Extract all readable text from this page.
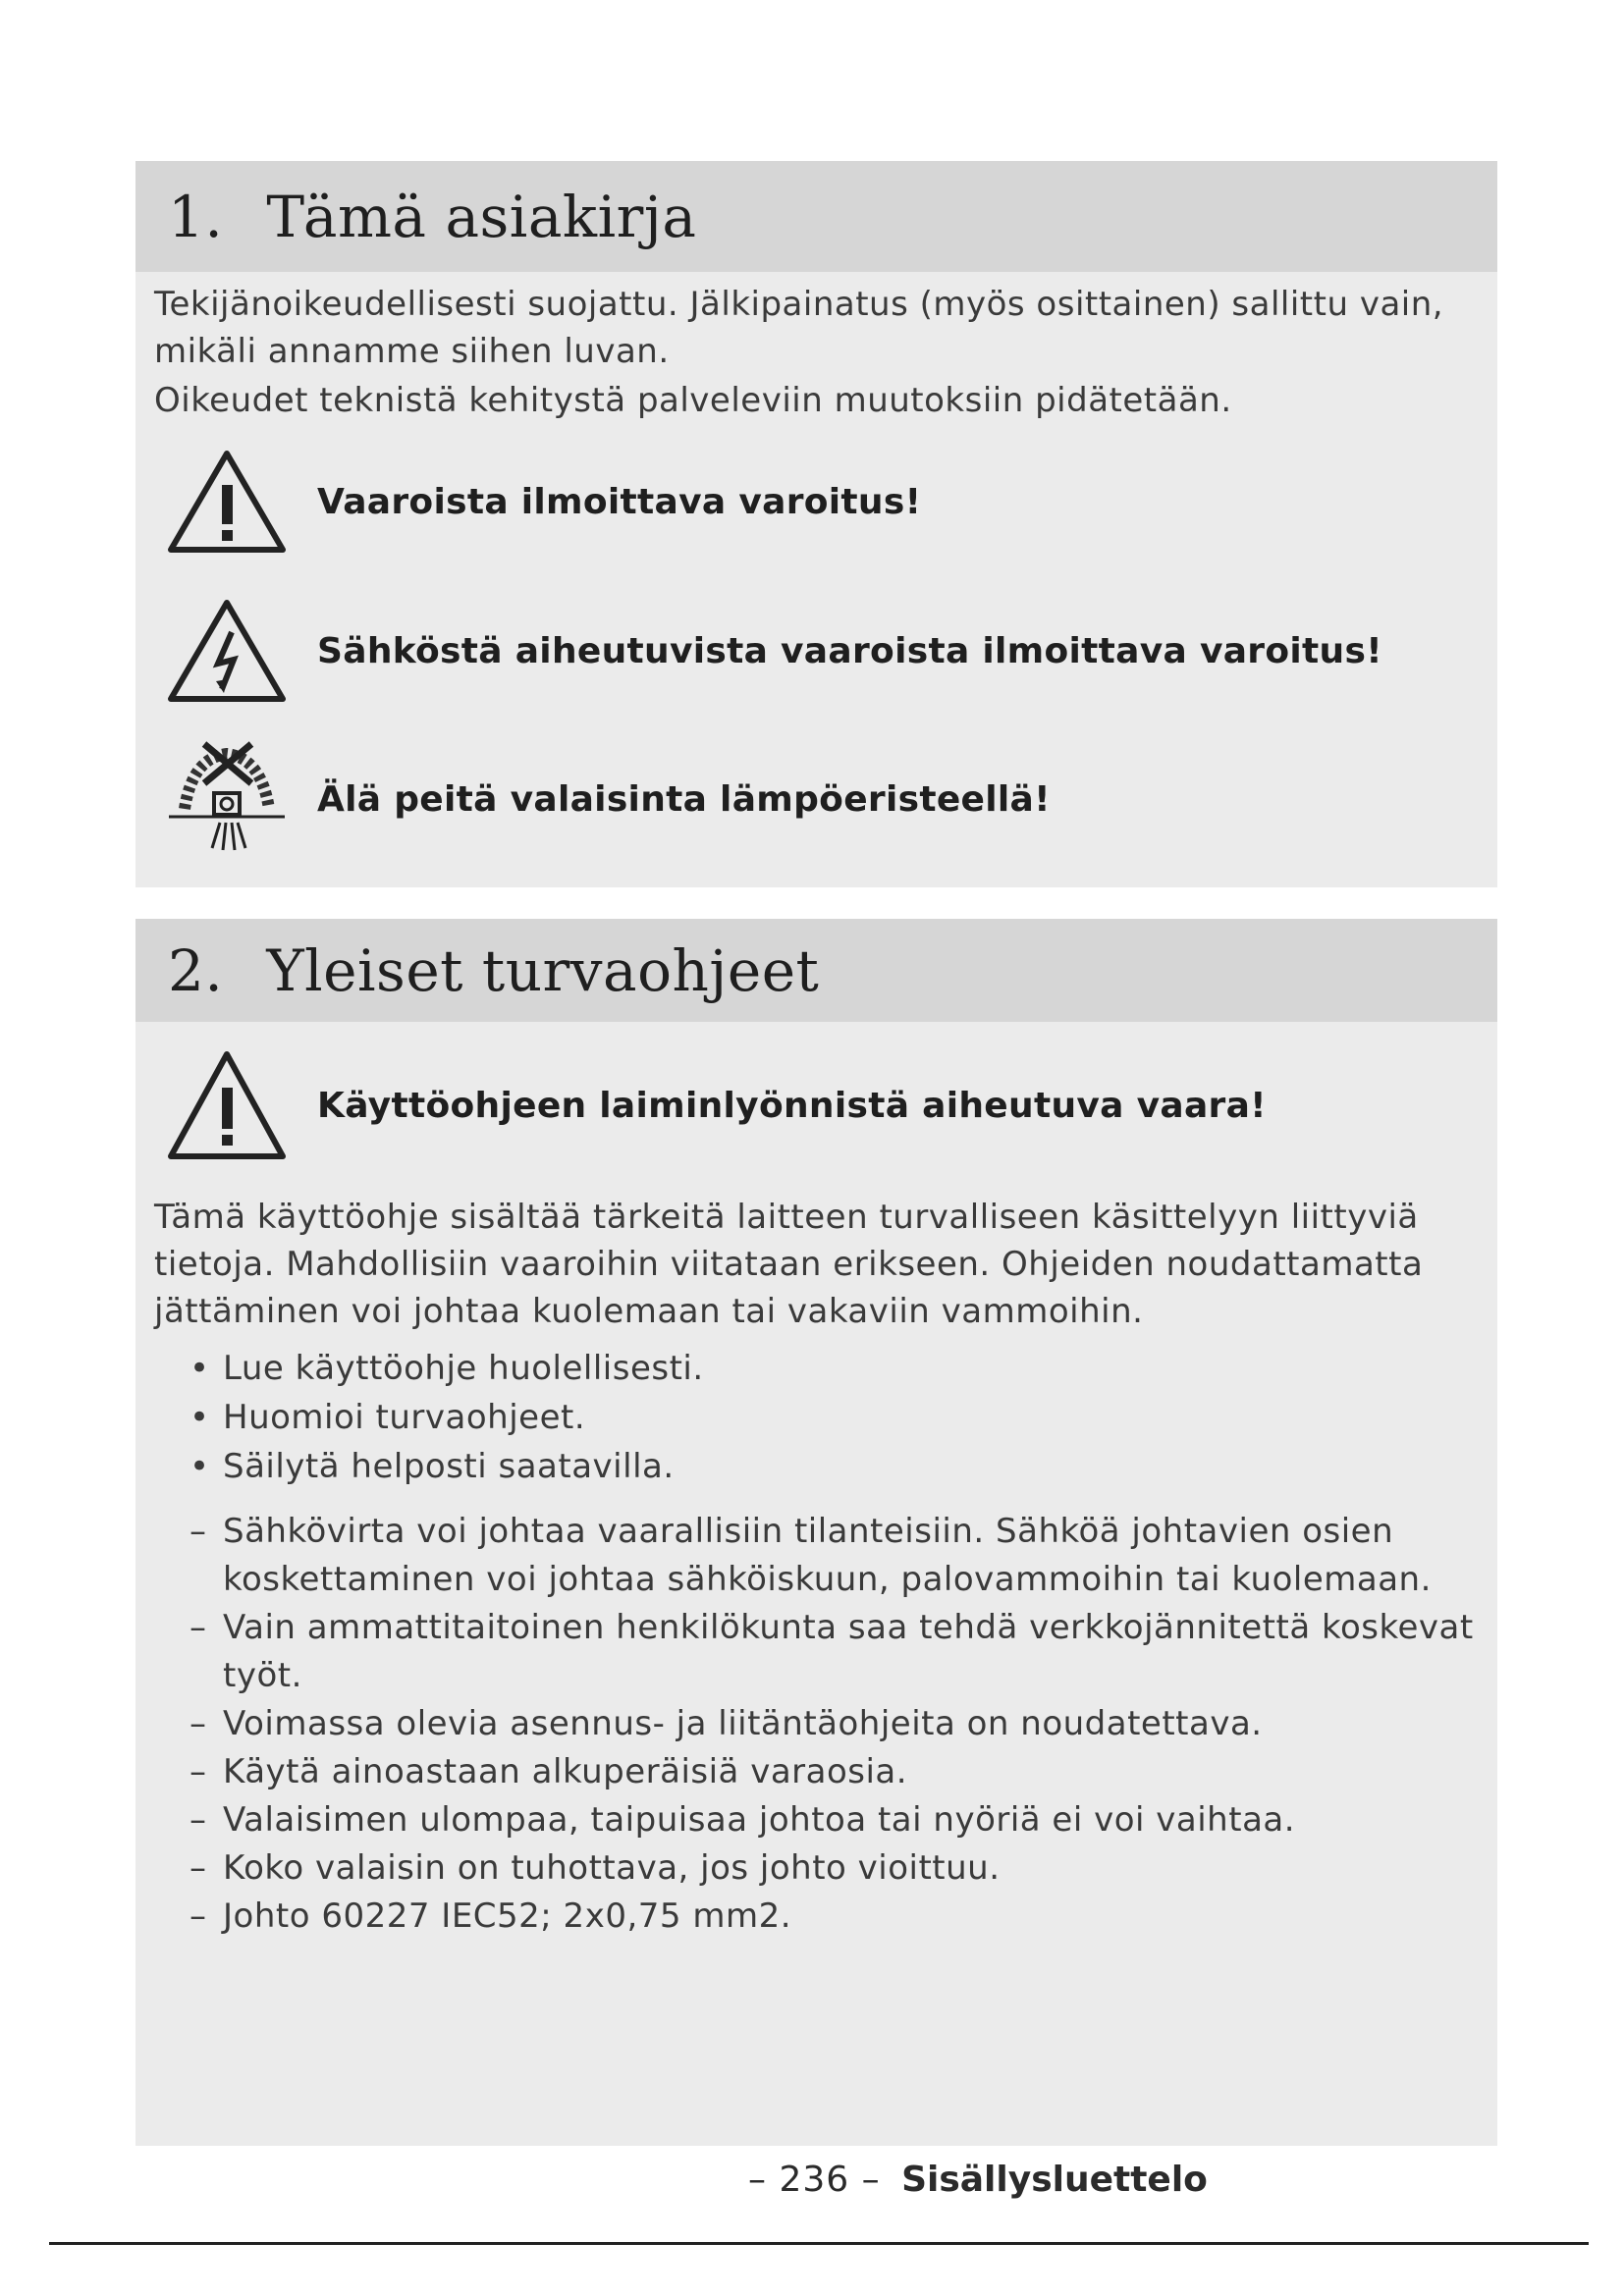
1. Tämä asiakirja
Tekijänoikeudellisesti suojattu. Jälkipainatus (myös osittainen) sallittu vain, mikäli annamme siihen luvan.
Oikeudet teknistä kehitystä palveleviin muutoksiin pidätetään.
Vaaroista ilmoittava varoitus!
Sähköstä aiheutuvista vaaroista ilmoittava varoitus!
Älä peitä valaisinta lämpöeristeellä!
2. Yleiset turvaohjeet
Käyttöohjeen laiminlyönnistä aiheutuva vaara!
Tämä käyttöohje sisältää tärkeitä laitteen turvalliseen käsittelyyn liittyviä tietoja. Mahdollisiin vaaroihin viitataan erikseen. Ohjeiden noudattamatta jättäminen voi johtaa kuolemaan tai vakaviin vammoihin.
• Lue käyttöohje huolellisesti.
• Huomioi turvaohjeet.
• Säilytä helposti saatavilla.
– Sähkövirta voi johtaa vaarallisiin tilanteisiin. Sähköä johtavien osien koskettaminen voi johtaa sähköiskuun, palovammoihin tai kuolemaan.
– Vain ammattitaitoinen henkilökunta saa tehdä verkkojännitettä koskevat työt.
– Voimassa olevia asennus- ja liitäntäohjeita on noudatettava.
– Käytä ainoastaan alkuperäisiä varaosia.
– Valaisimen ulompaa, taipuisaa johtoa tai nyöriä ei voi vaihtaa.
– Koko valaisin on tuhottava, jos johto vioittuu.
– Johto 60227 IEC52; 2x0,75 mm2.
– 236 – Sisällysluettelo
